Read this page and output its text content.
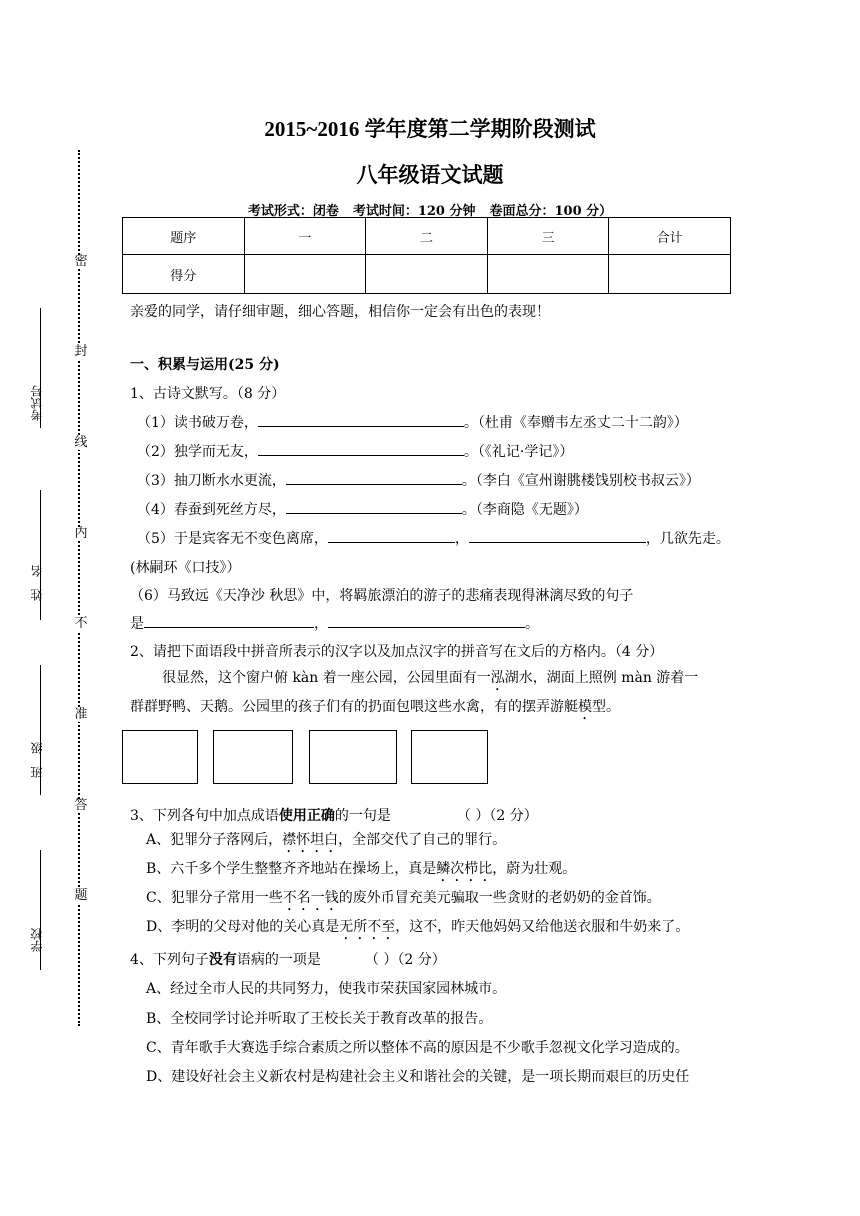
密
封
线
内
不
准
答
题
考试号
姓　名
班　级
学校
2015~2016 学年度第二学期阶段测试
八年级语文试题
考试形式：闭卷 考试时间：120 分钟 卷面总分：100 分）
题序	一	二	三	合计
得分				
亲爱的同学，请仔细审题，细心答题，相信你一定会有出色的表现！
一、积累与运用(25 分)
1、古诗文默写。（8 分）
（1）读书破万卷，	。（杜甫《奉赠韦左丞丈二十二韵》）
（2）独学而无友，	。（《礼记·学记》）
（3）抽刀断水水更流，	。（李白《宣州谢朓楼饯别校书叔云》）
（4）春蚕到死丝方尽，	。（李商隐《无题》）
（5）于是宾客无不变色离席，	，	，几欲先走。
(林嗣环《口技》）
（6）马致远《天净沙 秋思》中，将羁旅漂泊的游子的悲痛表现得淋漓尽致的句子
是	，	。
2、请把下面语段中拼音所表示的汉字以及加点汉字的拼音写在文后的方格内。（4 分）
很显然，这个窗户俯 kàn 着一座公园，公园里面有一泓湖水，湖面上照例 màn 游着一
群群野鸭、天鹅。公园里的孩子们有的扔面包喂这些水禽，有的摆弄游艇模型。
3、下列各句中加点成语使用正确的一句是	（ ）（2 分）
A、犯罪分子落网后，襟怀坦白，全部交代了自己的罪行。
B、六千多个学生整整齐齐地站在操场上，真是鳞次栉比，蔚为壮观。
C、犯罪分子常用一些不名一钱的废外币冒充美元骗取一些贪财的老奶奶的金首饰。
D、李明的父母对他的关心真是无所不至，这不，昨天他妈妈又给他送衣服和牛奶来了。
4、下列句子没有语病的一项是	（ ）（2 分）
A、经过全市人民的共同努力，使我市荣获国家园林城市。
B、全校同学讨论并听取了王校长关于教育改革的报告。
C、青年歌手大赛选手综合素质之所以整体不高的原因是不少歌手忽视文化学习造成的。
D、建设好社会主义新农村是构建社会主义和谐社会的关键，是一项长期而艰巨的历史任
